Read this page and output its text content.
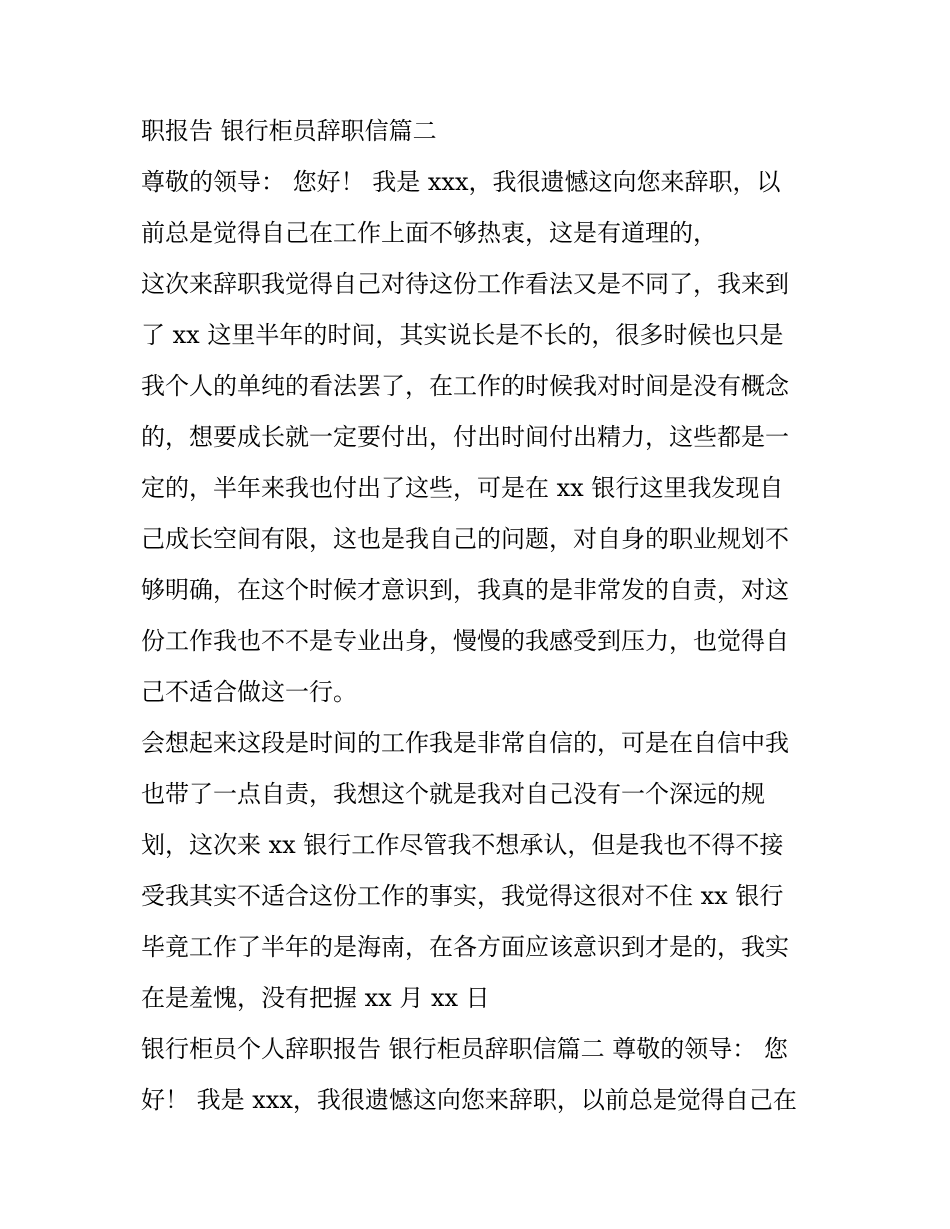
职报告 银行柜员辞职信篇二
尊敬的领导： 您好！ 我是 xxx，我很遗憾这向您来辞职，以
前总是觉得自己在工作上面不够热衷，这是有道理的，
这次来辞职我觉得自己对待这份工作看法又是不同了，我来到
了 xx 这里半年的时间，其实说长是不长的，很多时候也只是
我个人的单纯的看法罢了，在工作的时候我对时间是没有概念
的，想要成长就一定要付出，付出时间付出精力，这些都是一
定的，半年来我也付出了这些，可是在 xx 银行这里我发现自
己成长空间有限，这也是我自己的问题，对自身的职业规划不
够明确，在这个时候才意识到，我真的是非常发的自责，对这
份工作我也不不是专业出身，慢慢的我感受到压力，也觉得自
己不适合做这一行。
会想起来这段是时间的工作我是非常自信的，可是在自信中我
也带了一点自责，我想这个就是我对自己没有一个深远的规
划，这次来 xx 银行工作尽管我不想承认，但是我也不得不接
受我其实不适合这份工作的事实，我觉得这很对不住 xx 银行
毕竟工作了半年的是海南，在各方面应该意识到才是的，我实
在是羞愧，没有把握 xx 月 xx 日
银行柜员个人辞职报告 银行柜员辞职信篇二 尊敬的领导： 您
好！ 我是 xxx，我很遗憾这向您来辞职，以前总是觉得自己在
